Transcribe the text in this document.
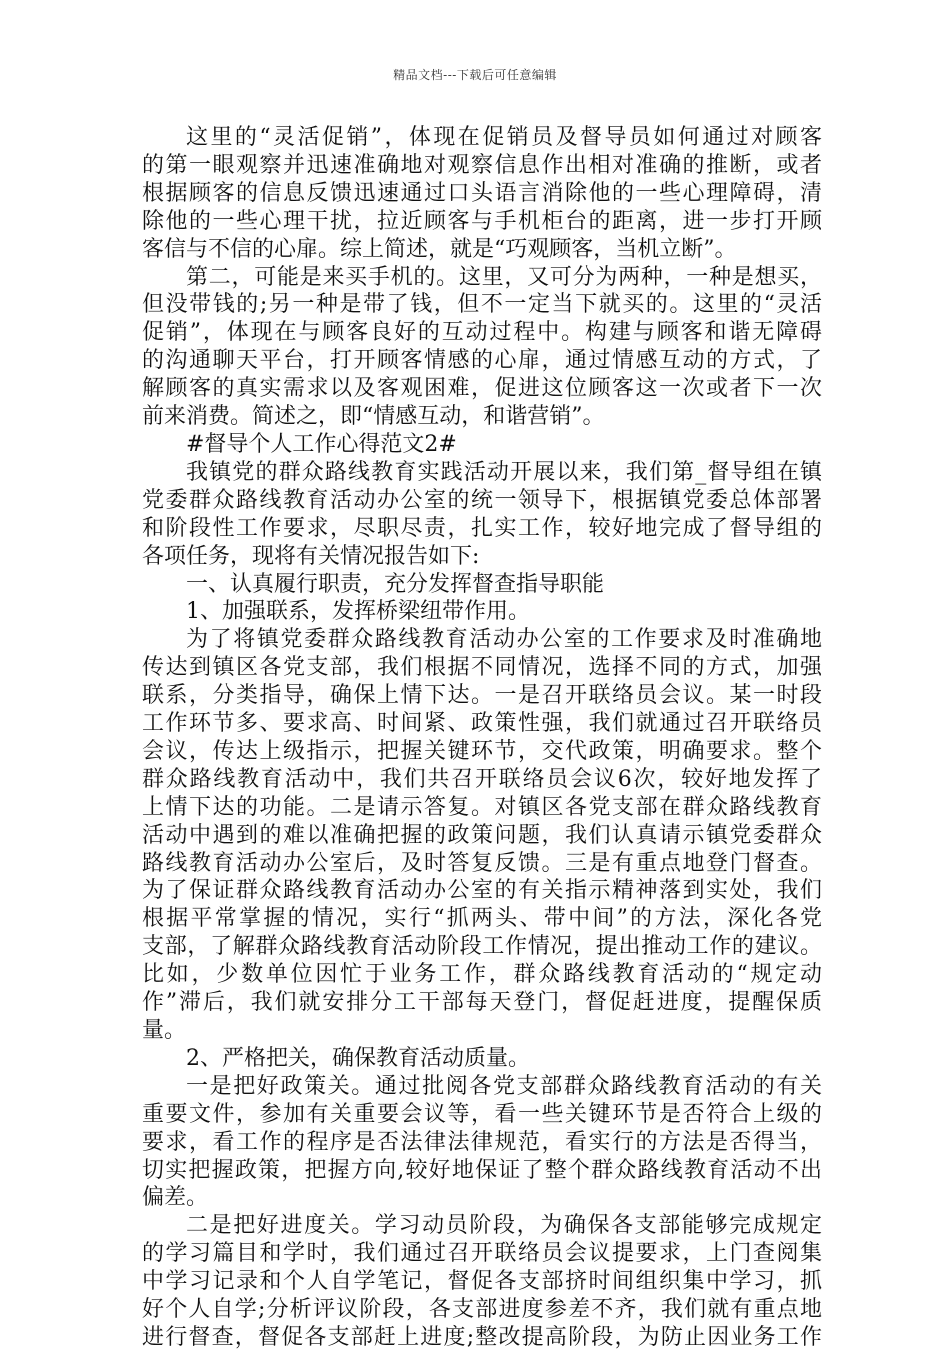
精品文档---下载后可任意编辑
这里的“灵活促销”，体现在促销员及督导员如何通过对顾客
的第一眼观察并迅速准确地对观察信息作出相对准确的推断，或者
根据顾客的信息反馈迅速通过口头语言消除他的一些心理障碍，清
除他的一些心理干扰，拉近顾客与手机柜台的距离，进一步打开顾
客信与不信的心扉。综上简述，就是“巧观顾客，当机立断”。
第二，可能是来买手机的。这里，又可分为两种，一种是想买，
但没带钱的;另一种是带了钱，但不一定当下就买的。这里的“灵活
促销”，体现在与顾客良好的互动过程中。构建与顾客和谐无障碍
的沟通聊天平台，打开顾客情感的心扉，通过情感互动的方式，了
解顾客的真实需求以及客观困难，促进这位顾客这一次或者下一次
前来消费。简述之，即“情感互动，和谐营销”。
#督导个人工作心得范文2#
我镇党的群众路线教育实践活动开展以来，我们第_督导组在镇
党委群众路线教育活动办公室的统一领导下，根据镇党委总体部署
和阶段性工作要求，尽职尽责，扎实工作，较好地完成了督导组的
各项任务，现将有关情况报告如下:
一、认真履行职责，充分发挥督查指导职能
1、加强联系，发挥桥梁纽带作用。
为了将镇党委群众路线教育活动办公室的工作要求及时准确地
传达到镇区各党支部，我们根据不同情况，选择不同的方式，加强
联系，分类指导，确保上情下达。一是召开联络员会议。某一时段
工作环节多、要求高、时间紧、政策性强，我们就通过召开联络员
会议，传达上级指示，把握关键环节，交代政策，明确要求。整个
群众路线教育活动中，我们共召开联络员会议6次，较好地发挥了
上情下达的功能。二是请示答复。对镇区各党支部在群众路线教育
活动中遇到的难以准确把握的政策问题，我们认真请示镇党委群众
路线教育活动办公室后，及时答复反馈。三是有重点地登门督查。
为了保证群众路线教育活动办公室的有关指示精神落到实处，我们
根据平常掌握的情况，实行“抓两头、带中间”的方法，深化各党
支部，了解群众路线教育活动阶段工作情况，提出推动工作的建议。
比如，少数单位因忙于业务工作，群众路线教育活动的“规定动
作”滞后，我们就安排分工干部每天登门，督促赶进度，提醒保质
量。
2、严格把关，确保教育活动质量。
一是把好政策关。通过批阅各党支部群众路线教育活动的有关
重要文件，参加有关重要会议等，看一些关键环节是否符合上级的
要求，看工作的程序是否法律法律规范，看实行的方法是否得当，
切实把握政策，把握方向,较好地保证了整个群众路线教育活动不出
偏差。
二是把好进度关。学习动员阶段，为确保各支部能够完成规定
的学习篇目和学时，我们通过召开联络员会议提要求，上门查阅集
中学习记录和个人自学笔记，督促各支部挤时间组织集中学习，抓
好个人自学;分析评议阶段，各支部进度参差不齐，我们就有重点地
进行督查，督促各支部赶上进度;整改提高阶段，为防止因业务工作
